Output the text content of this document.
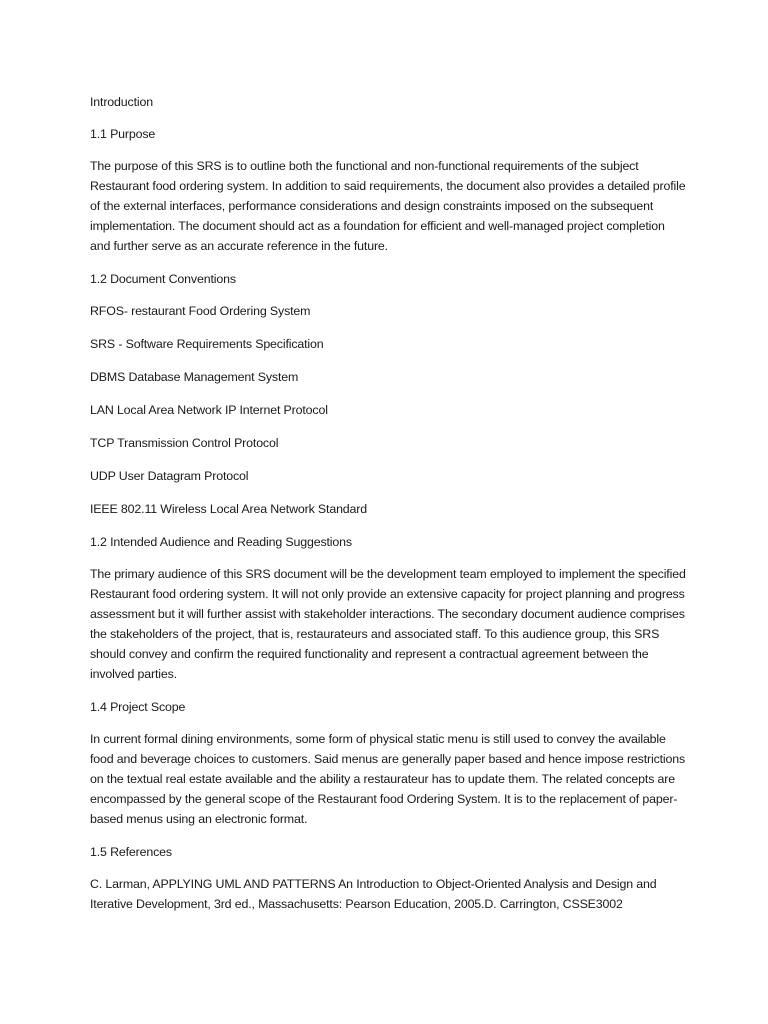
Introduction

1.1 Purpose

The purpose of this SRS is to outline both the functional and non-functional requirements of the subject Restaurant food ordering system. In addition to said requirements, the document also provides a detailed profile of the external interfaces, performance considerations and design constraints imposed on the subsequent implementation. The document should act as a foundation for efficient and well-managed project completion and further serve as an accurate reference in the future.

1.2 Document Conventions

RFOS- restaurant Food Ordering System

SRS - Software Requirements Specification

DBMS Database Management System

LAN Local Area Network IP Internet Protocol

TCP Transmission Control Protocol

UDP User Datagram Protocol

IEEE 802.11 Wireless Local Area Network Standard

1.2 Intended Audience and Reading Suggestions

The primary audience of this SRS document will be the development team employed to implement the specified Restaurant food ordering system. It will not only provide an extensive capacity for project planning and progress assessment but it will further assist with stakeholder interactions. The secondary document audience comprises the stakeholders of the project, that is, restaurateurs and associated staff. To this audience group, this SRS should convey and confirm the required functionality and represent a contractual agreement between the involved parties.

1.4 Project Scope

In current formal dining environments, some form of physical static menu is still used to convey the available food and beverage choices to customers. Said menus are generally paper based and hence impose restrictions on the textual real estate available and the ability a restaurateur has to update them. The related concepts are encompassed by the general scope of the Restaurant food Ordering System. It is to the replacement of paper-based menus using an electronic format.

1.5 References

C. Larman, APPLYING UML AND PATTERNS An Introduction to Object-Oriented Analysis and Design and Iterative Development, 3rd ed., Massachusetts: Pearson Education, 2005.D. Carrington, CSSE3002
